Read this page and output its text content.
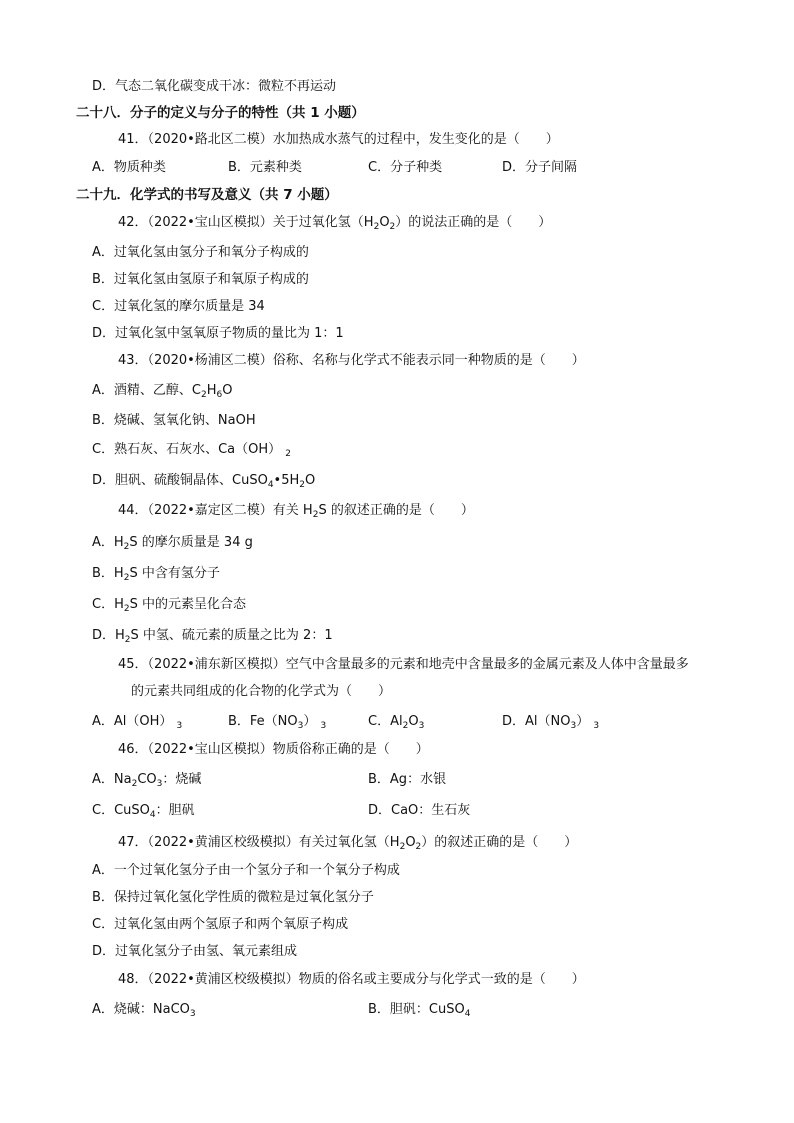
D．气态二氧化碳变成干冰：微粒不再运动
二十八．分子的定义与分子的特性（共 1 小题）
41．（2020•路北区二模）水加热成水蒸气的过程中，发生变化的是（　　）
A．物质种类	B．元素种类	C．分子种类	D．分子间隔
二十九．化学式的书写及意义（共 7 小题）
42．（2022•宝山区模拟）关于过氧化氢$(H_2O_2)$的说法正确的是（　　）
A．过氧化氢由氢分子和氧分子构成的
B．过氧化氢由氢原子和氧原子构成的
C．过氧化氢的摩尔质量是 34
D．过氧化氢中氢氧原子物质的量比为 1：1
43．（2020•杨浦区二模）俗称、名称与化学式不能表示同一种物质的是（　　）
A．酒精、乙醇、$C_2H_6O$
B．烧碱、氢氧化钠、NaOH
C．熟石灰、石灰水、Ca（OH） $_2$
D．胆矾、硫酸铜晶体、$CuSO_4•5H_2O$
44．（2022•嘉定区二模）有关 $H_2S$ 的叙述正确的是（　　）
A．$H_2S$ 的摩尔质量是 34 g
B．$H_2S$ 中含有氢分子
C．$H_2S$ 中的元素呈化合态
D．$H_2S$ 中氢、硫元素的质量之比为 2：1
45．（2022•浦东新区模拟）空气中含量最多的元素和地壳中含量最多的金属元素及人体中含量最多
的元素共同组成的化合物的化学式为（　　）
A．Al（OH） $_3$	B．$Fe(NO_3)$ $_3$	C．$Al_2O_3$	D．$Al(NO_3)$ $_3$
46．（2022•宝山区模拟）物质俗称正确的是（　　）
A．$Na_2CO_3$：烧碱	B．Ag：水银
C．CuSO$_4$：胆矾	D．CaO：生石灰
47．（2022•黄浦区校级模拟）有关过氧化氢$(H_2O_2)$的叙述正确的是（　　）
A．一个过氧化氢分子由一个氢分子和一个氧分子构成
B．保持过氧化氢化学性质的微粒是过氧化氢分子
C．过氧化氢由两个氢原子和两个氧原子构成
D．过氧化氢分子由氢、氧元素组成
48．（2022•黄浦区校级模拟）物质的俗名或主要成分与化学式一致的是（　　）
A．烧碱：NaCO$_3$	B．胆矾：CuSO$_4$
